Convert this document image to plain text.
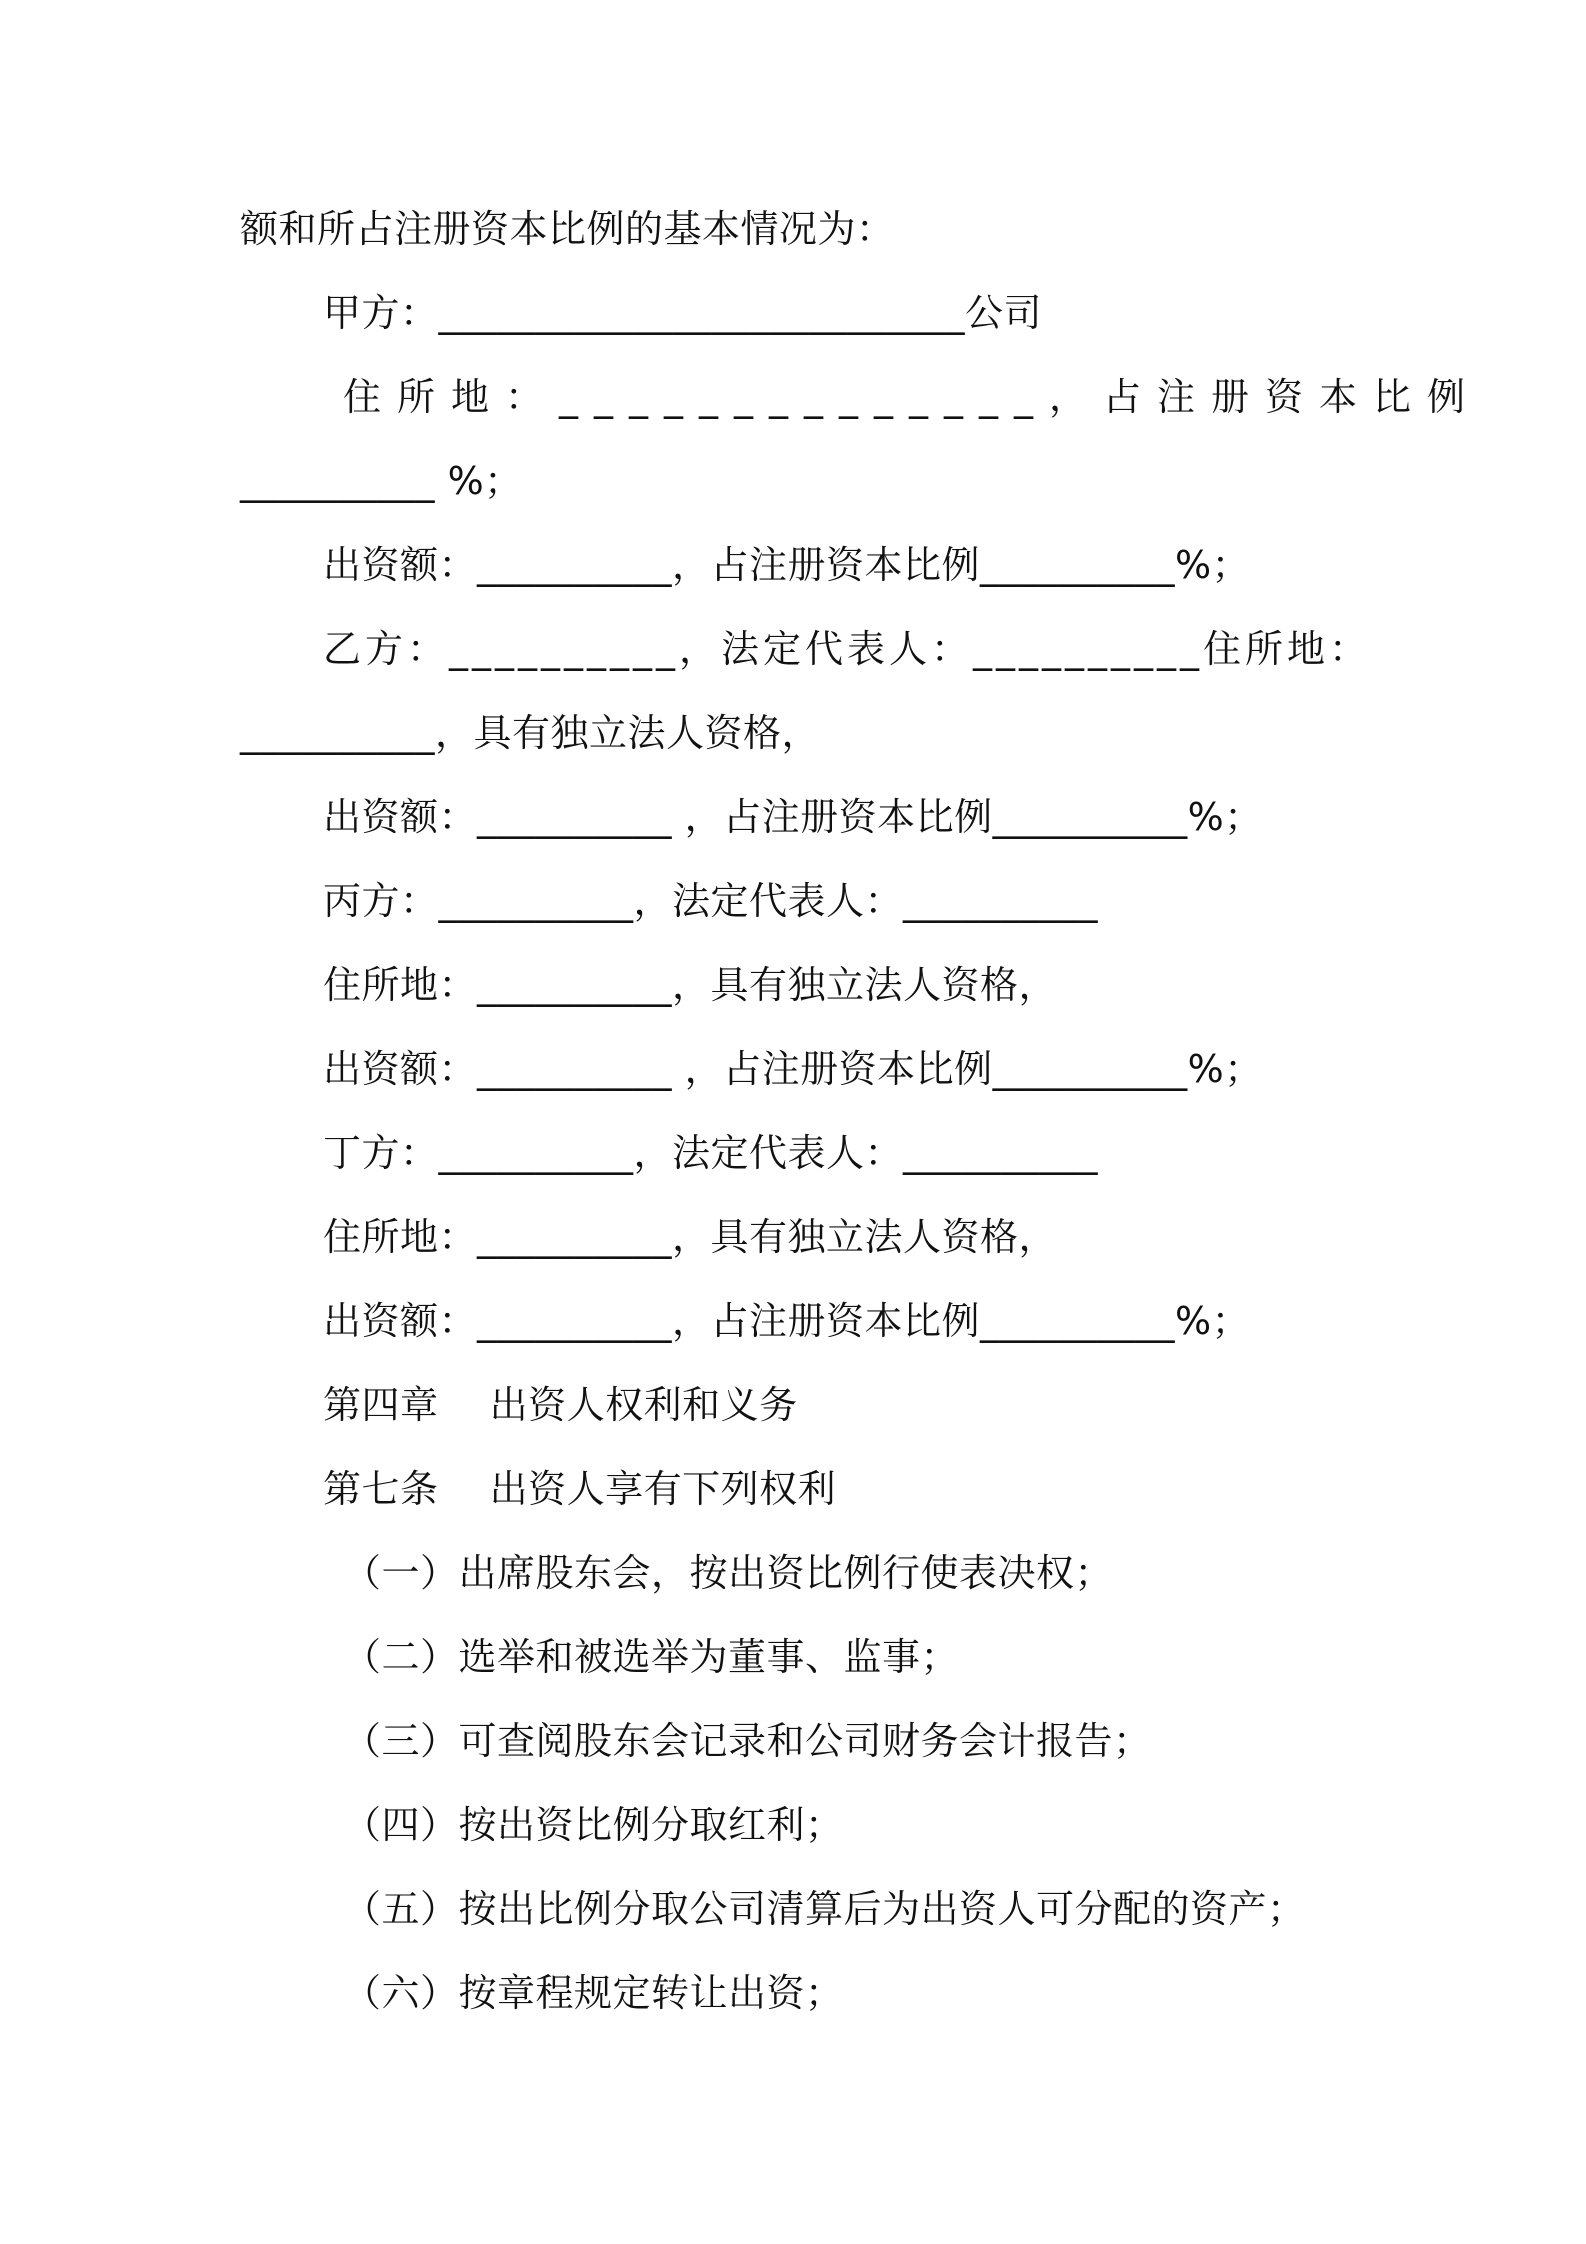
额和所占注册资本比例的基本情况为：
甲方：___________________________公司
住所地：______________，占注册资本比例
__________ %；
出资额：__________，占注册资本比例__________%；
乙方：__________，法定代表人：__________住所地：
__________，具有独立法人资格，
出资额：__________ ，占注册资本比例__________%；
丙方：__________，法定代表人：__________
住所地：__________，具有独立法人资格，
出资额：__________ ，占注册资本比例__________%；
丁方：__________，法定代表人：__________
住所地：__________，具有独立法人资格，
出资额：__________，占注册资本比例__________%；
第四章　 出资人权利和义务
第七条　 出资人享有下列权利
（一）出席股东会，按出资比例行使表决权；
（二）选举和被选举为董事、监事；
（三）可查阅股东会记录和公司财务会计报告；
（四）按出资比例分取红利；
（五）按出比例分取公司清算后为出资人可分配的资产；
（六）按章程规定转让出资；
